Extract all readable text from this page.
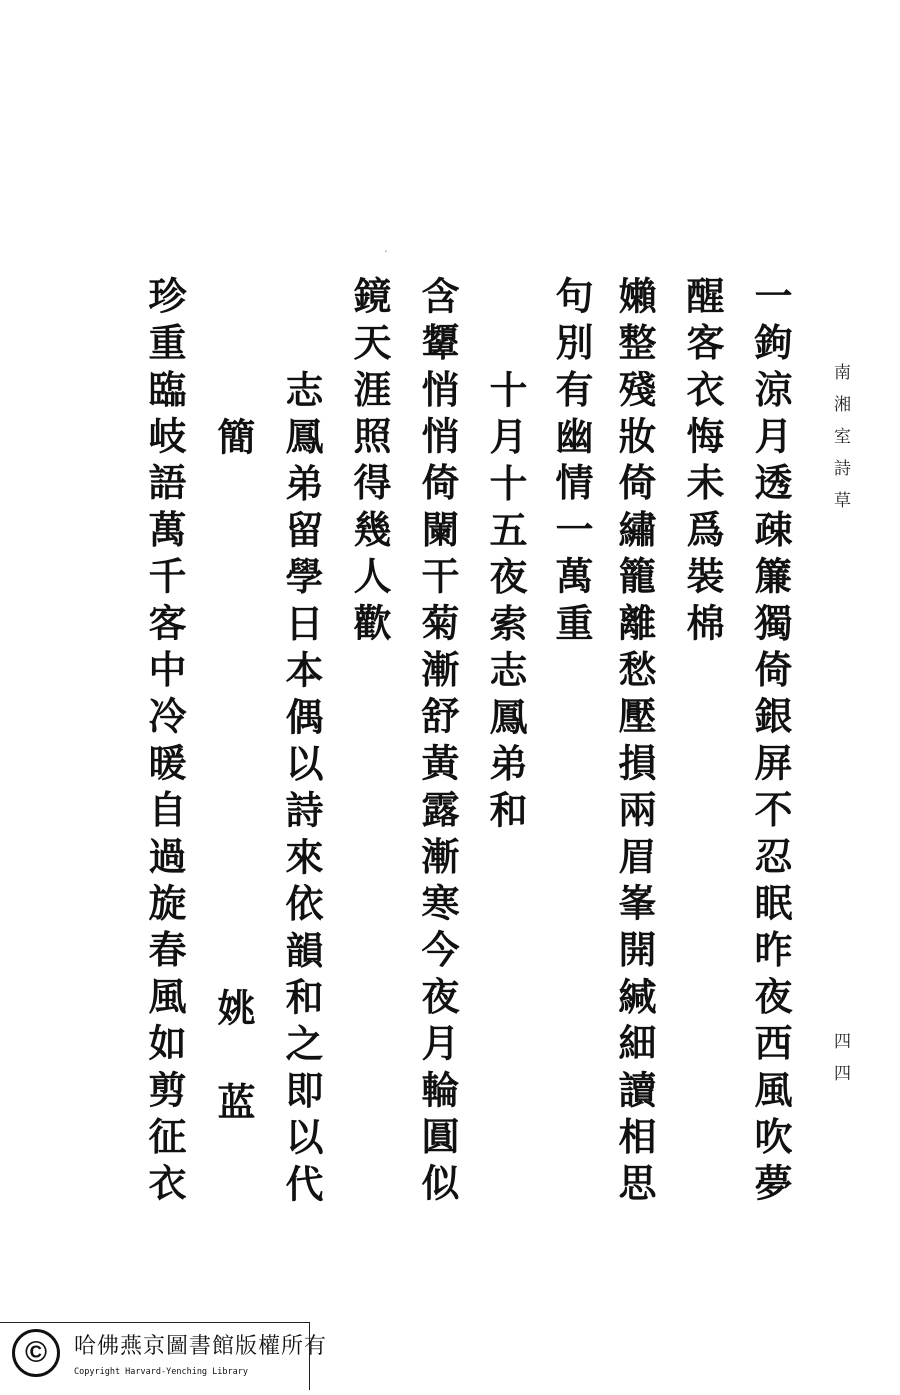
南湘室詩草
四四
一鉤涼月透疎簾獨倚銀屏不忍眠昨夜西風吹夢
醒客衣悔未爲裝棉
嬾整殘妝倚繡籠離愁壓損兩眉峯開緘細讀相思
句別有幽情一萬重
十月十五夜索志鳳弟和
含顰悄悄倚闌干菊漸舒黃露漸寒今夜月輪圓似
鏡天涯照得幾人歡
志鳳弟留學日本偶以詩來依韻和之即以代
簡
姚
蓝
珍重臨岐語萬千客中冷暖自過旋春風如剪征衣
′
©	哈佛燕京圖書館版權所有
Copyright Harvard-Yenching Library
